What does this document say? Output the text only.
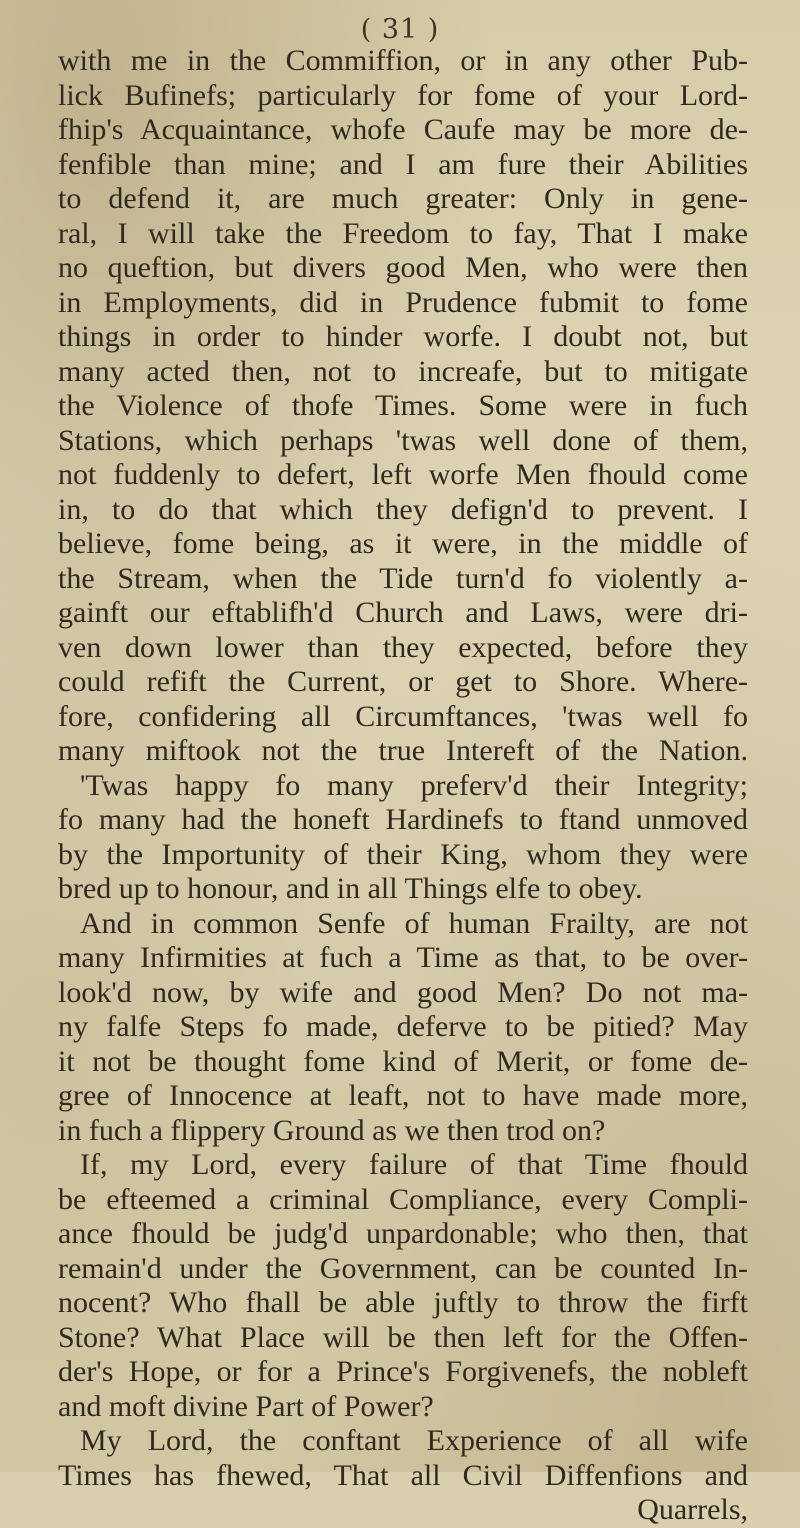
( 31 )
with me in the Commiffion, or in any other Pub-
lick Bufinefs; particularly for fome of your Lord-
fhip's Acquaintance, whofe Caufe may be more de-
fenfible than mine; and I am fure their Abilities
to defend it, are much greater: Only in gene-
ral, I will take the Freedom to fay, That I make
no queftion, but divers good Men, who were then
in Employments, did in Prudence fubmit to fome
things in order to hinder worfe. I doubt not, but
many acted then, not to increafe, but to mitigate
the Violence of thofe Times. Some were in fuch
Stations, which perhaps 'twas well done of them,
not fuddenly to defert, left worfe Men fhould come
in, to do that which they defign'd to prevent. I
believe, fome being, as it were, in the middle of
the Stream, when the Tide turn'd fo violently a-
gainft our eftablifh'd Church and Laws, were dri-
ven down lower than they expected, before they
could refift the Current, or get to Shore. Where-
fore, confidering all Circumftances, 'twas well fo
many miftook not the true Intereft of the Nation.
'Twas happy fo many preferv'd their Integrity;
fo many had the honeft Hardinefs to ftand unmoved
by the Importunity of their King, whom they were
bred up to honour, and in all Things elfe to obey.
And in common Senfe of human Frailty, are not
many Infirmities at fuch a Time as that, to be over-
look'd now, by wife and good Men? Do not ma-
ny falfe Steps fo made, deferve to be pitied? May
it not be thought fome kind of Merit, or fome de-
gree of Innocence at leaft, not to have made more,
in fuch a flippery Ground as we then trod on?
If, my Lord, every failure of that Time fhould
be efteemed a criminal Compliance, every Compli-
ance fhould be judg'd unpardonable; who then, that
remain'd under the Government, can be counted In-
nocent? Who fhall be able juftly to throw the firft
Stone? What Place will be then left for the Offen-
der's Hope, or for a Prince's Forgivenefs, the nobleft
and moft divine Part of Power?
My Lord, the conftant Experience of all wife
Times has fhewed, That all Civil Diffenfions and
Quarrels,
